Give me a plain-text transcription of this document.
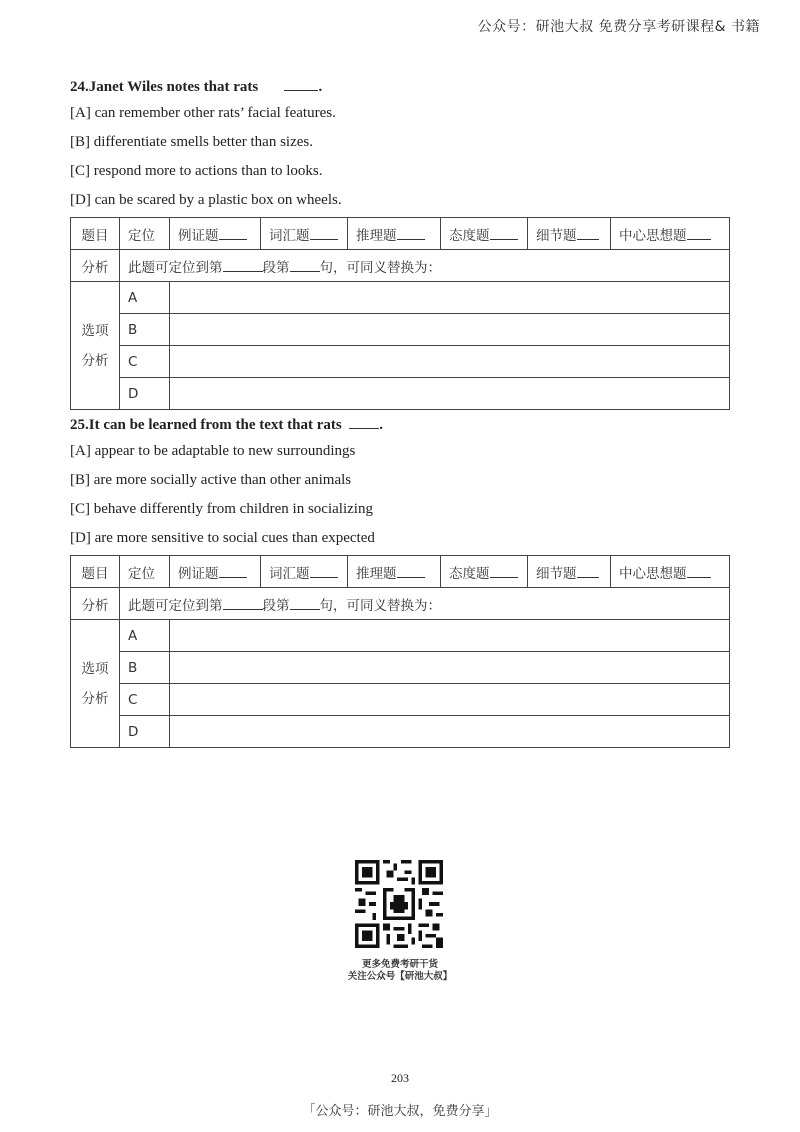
公众号：研池大叔 免费分享考研课程& 书籍

24.Janet Wiles notes that rats	.

[A] can remember other rats’ facial features.

[B] differentiate smells better than sizes.

[C] respond more to actions than to looks.

[D] can be scared by a plastic box on wheels.

题目	定位	例证题	词汇题	推理题	态度题	细节题	中心思想题
分析	此题可定位到第 段第 句，可同义替换为：						
选项
分析	A						
	B						
	C						
	D						

25.It can be learned from the text that rats	.

[A] appear to be adaptable to new surroundings

[B] are more socially active than other animals

[C] behave differently from children in socializing

[D] are more sensitive to social cues than expected

题目	定位	例证题	词汇题	推理题	态度题	细节题	中心思想题
分析	此题可定位到第 段第 句，可同义替换为：						
选项
分析	A						
	B						
	C						
	D						
更多免费考研干货
关注公众号【研池大叔】
203
「公众号：研池大叔，免费分享」
